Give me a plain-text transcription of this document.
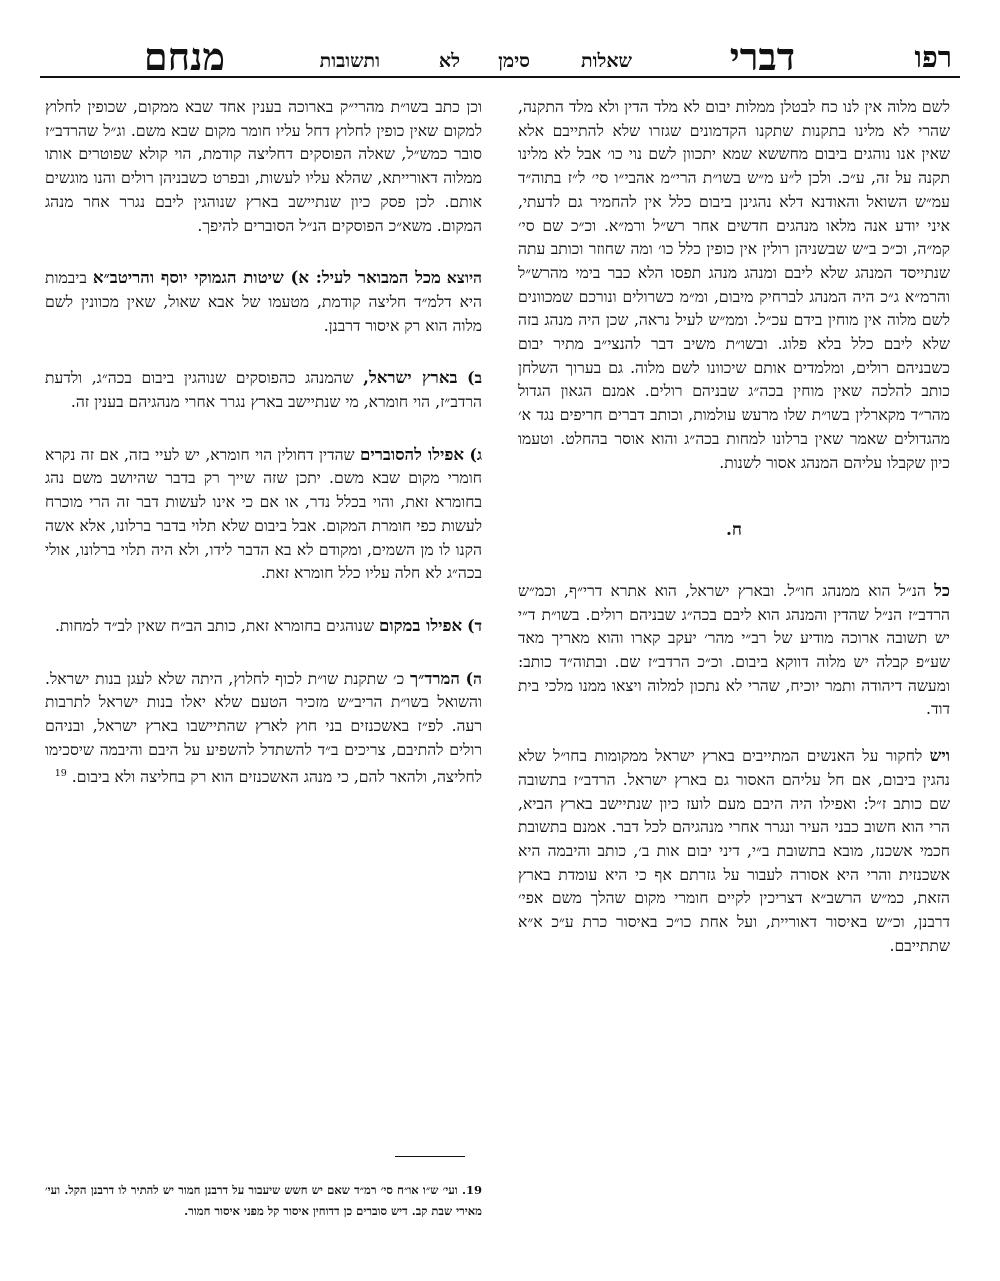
רפו
דברי
שאלות
סימן
לא
ותשובות
מנחם

לשם מלוה אין לנו כח לבטלן ממלות יבום לא מלד הדין ולא מלד התקנה, שהרי לא מלינו בתקנות שתקנו הקדמונים שגזרו שלא להתייבם אלא שאין אנו נוהגים ביבום מחששא שמא יתכוון לשם נוי כו׳ אבל לא מלינו תקנה על זה, ע״כ. ולכן ל״ע מ״ש בשו״ת הרי״מ אהבי״ו סי׳ ל״ז בתוה״ד עמ״ש השואל והאודנא דלא נהגינן ביבום כלל אין להחמיר גם לדעתי, איני יודע אנה מלאו מנהגים חדשים אחר רש״ל ורמ״א. וכ״כ שם סי׳ קמ״ה, וכ״כ ב״ש שבשניהן רולין אין כופין כלל כו׳ ומה שחוזר וכותב עתה שנתייסד המנהג שלא ליבם ומנהג מנהג תפסו הלא כבר בימי מהרש״ל והרמ״א ג״כ היה המנהג לברחיק מיבום, ומ״מ כשרולים ונורכם שמכוונים לשם מלוה אין מוחין בידם עכ״ל. וממ״ש לעיל נראה, שכן היה מנהג בזה שלא ליבם כלל בלא פלוג. ובשו״ת משיב דבר להנצי״ב מתיר יבום כשבניהם רולים, ומלמדים אותם שיכוונו לשם מלוה. גם בערוך השלחן כותב להלכה שאין מוחין בכה״ג שבניהם רולים. אמנם הגאון הגדול מהר״ד מקארלין בשו״ת שלו מרעש עולמות, וכותב דברים חריפים נגד א׳ מהגדולים שאמר שאין ברלונו למחות בכה״ג והוא אוסר בהחלט. וטעמו כיון שקבלו עליהם המנהג אסור לשנות.

ח.

כל הנ״ל הוא ממנהג חו״ל. ובארץ ישראל, הוא אתרא דרי״ף, וכמ״ש הרדב״ז הנ״ל שהדין והמנהג הוא ליבם בכה״ג שבניהם רולים. בשו״ת ד״י יש תשובה ארוכה מודיע של רב״י מהר׳ יעקב קארו והוא מאריך מאד שע״פ קבלה יש מלוה דווקא ביבום. וכ״כ הרדב״ז שם. ובתוה״ד כותב: ומעשה דיהודה ותמר יוכיח, שהרי לא נתכון למלוה ויצאו ממנו מלכי בית דוד.

ויש לחקור על האנשים המתייבים בארץ ישראל ממקומות בחו״ל שלא נהגין ביבום, אם חל עליהם האסור גם בארץ ישראל. הרדב״ז בתשובה שם כותב ז״ל: ואפילו היה היבם מעם לועז כיון שנתיישב בארץ הביא, הרי הוא חשוב כבני העיר ונגרר אחרי מנהגיהם לכל דבר. אמנם בתשובת חכמי אשכנז, מובא בתשובת ב״י, דיני יבום אות ב׳, כותב והיבמה היא אשכנזית והרי היא אסורה לעבור על גזרתם אף כי היא עומדת בארץ הזאת, כמ״ש הרשב״א דצריכין לקיים חומרי מקום שהלך משם אפי׳ דרבנן, וכ״ש באיסור דאוריית, ועל אחת כו״כ באיסור כרת ע״כ א״א שתתייבם.

וכן כתב בשו״ת מהרי״ק בארוכה בענין אחד שבא ממקום, שכופין לחלוץ למקום שאין כופין לחלוץ דחל עליו חומר מקום שבא משם. וג״ל שהרדב״ז סובר כמש״ל, שאלה הפוסקים דחליצה קודמת, הוי קולא שפוטרים אותו ממלוה דאורייתא, שהלא עליו לעשות, ובפרט כשבניהן רולים והנו מוגשים אותם. לכן פסק כיון שנתיישב בארץ שנוהגין ליבם נגרר אחר מנהג המקום. משא״כ הפוסקים הנ״ל הסוברים להיפך.

היוצא מכל המבואר לעיל: א) שיטות הגמוקי יוסף והריטב״א ביבמות היא דלמ״ד חליצה קודמת, מטעמו של אבא שאול, שאין מכוונין לשם מלוה הוא רק איסור דרבנן.

ב) בארץ ישראל, שהמנהג כהפוסקים שנוהגין ביבום בכה״ג, ולדעת הרדב״ז, הוי חומרא, מי שנתיישב בארץ נגרר אחרי מנהגיהם בענין זה.

ג) אפילו להסוברים שהדין דחולין הוי חומרא, יש לעיי בזה, אם זה נקרא חומרי מקום שבא משם. יתכן שזה שייך רק בדבר שהיושב משם נהג בחומרא זאת, והוי בכלל נדר, או אם כי אינו לעשות דבר זה הרי מוכרח לעשות כפי חומרת המקום. אבל ביבום שלא תלוי בדבר ברלונו, אלא אשה הקנו לו מן השמים, ומקודם לא בא הדבר לידו, ולא היה תלוי ברלונו, אולי בכה״ג לא חלה עליו כלל חומרא זאת.

ד) אפילו במקום שנוהגים בחומרא זאת, כותב הב״ח שאין לב״ד למחות.

ה) המרד״ך כ׳ שתקנת שו״ת לכוף לחלוץ, היתה שלא לעגן בנות ישראל. והשואל בשו״ת הריב״ש מזכיר הטעם שלא יאלו בנות ישראל לתרבות רעה. לפ״ז באשכנזים בני חוץ לארץ שהתיישבו בארץ ישראל, ובניהם רולים להתיבם, צריכים ב״ד להשתדל להשפיע על היבם והיבמה שיסכימו לחליצה, ולהאר להם, כי מנהג האשכנזים הוא רק בחליצה ולא ביבום. $^{19}$

19. ועי׳ ש״ו או״ח סי׳ רמ״ד שאם יש חשש שיעבור על דרבנן חמור יש להתיר לו דרבנן הקל. ועי׳ מאירי שבת קב. דיש סוברים כן דדוחין איסור קל מפני איסור חמור.
